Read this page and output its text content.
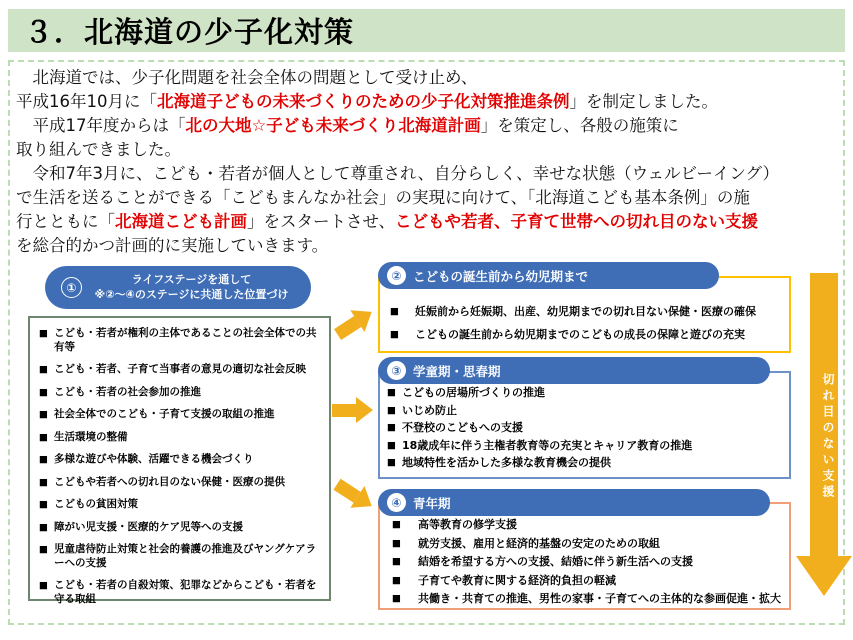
３．北海道の少子化対策

　北海道では、少子化問題を社会全体の問題として受け止め、
平成16年10月に「北海道子どもの未来づくりのための少子化対策推進条例」を制定しました。
　平成17年度からは「北の大地☆子ども未来づくり北海道計画」を策定し、各般の施策に
取り組んできました。
　令和7年3月に、こども・若者が個人として尊重され、自分らしく、幸せな状態（ウェルビーイング）
で生活を送ることができる「こどもまんなか社会」の実現に向けて、「北海道こども基本条例」の施
行とともに「北海道こども計画」をスタートさせ、こどもや若者、子育て世帯への切れ目のない支援
を総合的かつ計画的に実施していきます。

①
ライフステージを通して
※②～④のステージに共通した位置づけ
■ こども・若者が権利の主体であることの社会全体での共有等
■ こども・若者、子育て当事者の意見の適切な社会反映
■ こども・若者の社会参加の推進
■ 社会全体でのこども・子育て支援の取組の推進
■ 生活環境の整備
■ 多様な遊びや体験、活躍できる機会づくり
■ こどもや若者への切れ目のない保健・医療の提供
■ こどもの貧困対策
■ 障がい児支援・医療的ケア児等への支援
■ 児童虐待防止対策と社会的養護の推進及びヤングケアラーへの支援
■ こども・若者の自殺対策、犯罪などからこども・若者を守る取組
■	妊娠前から妊娠期、出産、幼児期までの切れ目ない保健・医療の確保
■	こどもの誕生前から幼児期までのこどもの成長の保障と遊びの充実
② こどもの誕生前から幼児期まで
■ こどもの居場所づくりの推進
■ いじめ防止
■ 不登校のこどもへの支援
■ 18歳成年に伴う主権者教育等の充実とキャリア教育の推進
■ 地域特性を活かした多様な教育機会の提供
③ 学童期・思春期
■	高等教育の修学支援
■	就労支援、雇用と経済的基盤の安定のための取組
■	結婚を希望する方への支援、結婚に伴う新生活への支援
■	子育てや教育に関する経済的負担の軽減
■	共働き・共育ての推進、男性の家事・子育てへの主体的な参画促進・拡大
④ 青年期
切れ目のない支援
